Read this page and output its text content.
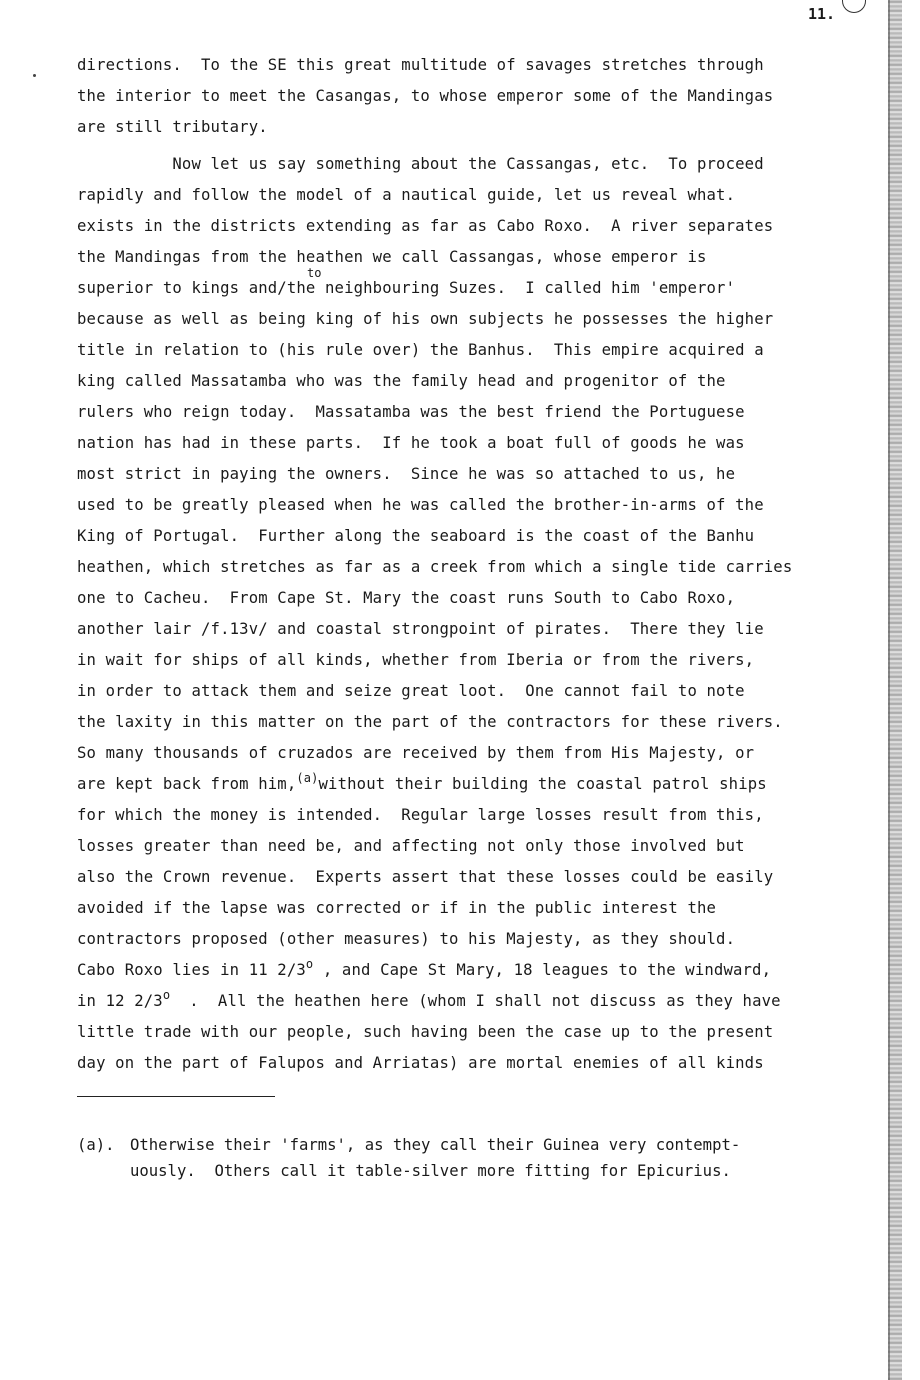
11.
directions.  To the SE this great multitude of savages stretches through
the interior to meet the Casangas, to whose emperor some of the Mandingas
are still tributary.
Now let us say something about the Cassangas, etc.  To proceed
rapidly and follow the model of a nautical guide, let us reveal what.
exists in the districts extending as far as Cabo Roxo.  A river separates
the Mandingas from the heathen we call Cassangas, whose emperor is
superior to kings and/the neighbouring Suzes.  I called him 'emperor'
to
because as well as being king of his own subjects he possesses the higher
title in relation to (his rule over) the Banhus.  This empire acquired a
king called Massatamba who was the family head and progenitor of the
rulers who reign today.  Massatamba was the best friend the Portuguese
nation has had in these parts.  If he took a boat full of goods he was
most strict in paying the owners.  Since he was so attached to us, he
used to be greatly pleased when he was called the brother-in-arms of the
King of Portugal.  Further along the seaboard is the coast of the Banhu
heathen, which stretches as far as a creek from which a single tide carries
one to Cacheu.  From Cape St. Mary the coast runs South to Cabo Roxo,
another lair /f.13v/ and coastal strongpoint of pirates.  There they lie
in wait for ships of all kinds, whether from Iberia or from the rivers,
in order to attack them and seize great loot.  One cannot fail to note
the laxity in this matter on the part of the contractors for these rivers.
So many thousands of cruzados are received by them from His Majesty, or
are kept back from him,$^{(a)}$without their building the coastal patrol ships
for which the money is intended.  Regular large losses result from this,
losses greater than need be, and affecting not only those involved but
also the Crown revenue.  Experts assert that these losses could be easily
avoided if the lapse was corrected or if in the public interest the
contractors proposed (other measures) to his Majesty, as they should.
Cabo Roxo lies in 11 2/3$^o$ , and Cape St Mary, 18 leagues to the windward,
in 12 2/3$^o$  .  All the heathen here (whom I shall not discuss as they have
little trade with our people, such having been the case up to the present
day on the part of Falupos and Arriatas) are mortal enemies of all kinds
(a). Otherwise their 'farms', as they call their Guinea very contempt-
uously.  Others call it table-silver more fitting for Epicurius.
